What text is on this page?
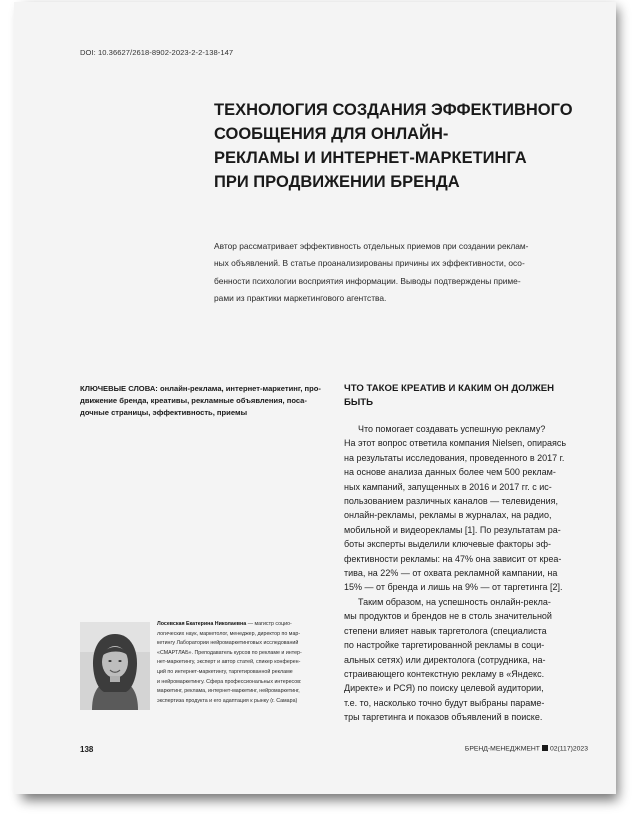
DOI: 10.36627/2618-8902-2023-2-2-138-147
ТЕХНОЛОГИЯ СОЗДАНИЯ ЭФФЕКТИВНОГО
СООБЩЕНИЯ ДЛЯ ОНЛАЙН-
РЕКЛАМЫ И ИНТЕРНЕТ-МАРКЕТИНГА
ПРИ ПРОДВИЖЕНИИ БРЕНДА
Автор рассматривает эффективность отдельных приемов при создании реклам-
ных объявлений. В статье проанализированы причины их эффективности, осо-
бенности психологии восприятия информации. Выводы подтверждены приме-
рами из практики маркетингового агентства.
КЛЮЧЕВЫЕ СЛОВА: онлайн-реклама, интернет-маркетинг, про-
движение бренда, креативы, рекламные объявления, поса-
дочные страницы, эффективность, приемы
ЧТО ТАКОЕ КРЕАТИВ И КАКИМ ОН ДОЛЖЕН
БЫТЬ
Что помогает создавать успешную рекламу?
На этот вопрос ответила компания Nielsen, опираясь
на результаты исследования, проведенного в 2017 г.
на основе анализа данных более чем 500 реклам-
ных кампаний, запущенных в 2016 и 2017 гг. с ис-
пользованием различных каналов — телевидения,
онлайн-рекламы, рекламы в журналах, на радио,
мобильной и видеорекламы [1]. По результатам ра-
боты эксперты выделили ключевые факторы эф-
фективности рекламы: на 47% она зависит от креа-
тива, на 22% — от охвата рекламной кампании, на
15% — от бренда и лишь на 9% — от таргетинга [2].
Таким образом, на успешность онлайн-рекла-
мы продуктов и брендов не в столь значительной
степени влияет навык таргетолога (специалиста
по настройке таргетированной рекламы в соци-
альных сетях) или директолога (сотрудника, на-
страивающего контекстную рекламу в «Яндекс.
Директе» и РСЯ) по поиску целевой аудитории,
т.е. то, насколько точно будут выбраны параме-
тры таргетинга и показов объявлений в поиске.
Лосевская Екатерина Николаевна — магистр социо-
логических наук, маркетолог, менеджер, директор по мар-
кетингу Лаборатории нейромаркетинговых исследований
«СМАРТЛАБ». Преподаватель курсов по рекламе и интер-
нет-маркетингу, эксперт и автор статей, спикер конферен-
ций по интернет-маркетингу, таргетированной рекламе
и нейромаркетингу. Сфера профессиональных интересов:
маркетинг, реклама, интернет-маркетинг, нейромаркетинг,
экспертиза продукта и его адаптация к рынку (г. Самара)
138	БРЕНД-МЕНЕДЖМЕНТ 02(117)2023
